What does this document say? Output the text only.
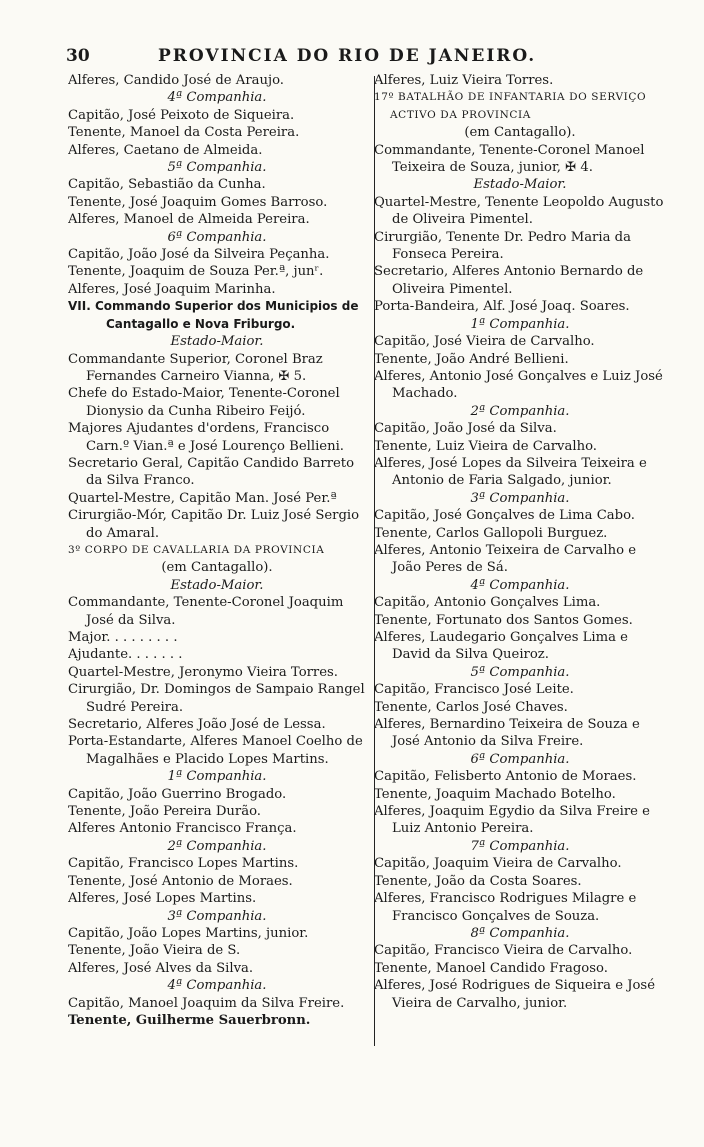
30	PROVINCIA DO RIO DE JANEIRO.
Alferes, Candido José de Araujo.
4ª Companhia.
Capitão, José Peixoto de Siqueira.
Tenente, Manoel da Costa Pereira.
Alferes, Caetano de Almeida.
5ª Companhia.
Capitão, Sebastião da Cunha.
Tenente, José Joaquim Gomes Barroso.
Alferes, Manoel de Almeida Pereira.
6ª Companhia.
Capitão, João José da Silveira Peçanha.
Tenente, Joaquim de Souza Per.ª, junʳ.
Alferes, José Joaquim Marinha.
VII. Commando Superior dos Municipios de Cantagallo e Nova Friburgo.
Estado-Maior.
Commandante Superior, Coronel Braz Fernandes Carneiro Vianna, ✠ 5.
Chefe do Estado-Maior, Tenente-Coronel Dionysio da Cunha Ribeiro Feijó.
Majores Ajudantes d'ordens, Francisco Carn.º Vian.ª e José Lourenço Bellieni.
Secretario Geral, Capitão Candido Barreto da Silva Franco.
Quartel-Mestre, Capitão Man. José Per.ª
Cirurgião-Mór, Capitão Dr. Luiz José Sergio do Amaral.
3º CORPO DE CAVALLARIA DA PROVINCIA
(em Cantagallo).
Estado-Maior.
Commandante, Tenente-Coronel Joaquim José da Silva.
Major. . . . . . . . .
Ajudante. . . . . . .
Quartel-Mestre, Jeronymo Vieira Torres.
Cirurgião, Dr. Domingos de Sampaio Rangel Sudré Pereira.
Secretario, Alferes João José de Lessa.
Porta-Estandarte, Alferes Manoel Coelho de Magalhães e Placido Lopes Martins.
1ª Companhia.
Capitão, João Guerrino Brogado.
Tenente, João Pereira Durão.
Alferes Antonio Francisco França.
2ª Companhia.
Capitão, Francisco Lopes Martins.
Tenente, José Antonio de Moraes.
Alferes, José Lopes Martins.
3ª Companhia.
Capitão, João Lopes Martins, junior.
Tenente, João Vieira de S.
Alferes, José Alves da Silva.
4ª Companhia.
Capitão, Manoel Joaquim da Silva Freire.
Tenente, Guilherme Sauerbronn.
Alferes, Luiz Vieira Torres.
17º BATALHÃO DE INFANTARIA DO SERVIÇO ACTIVO DA PROVINCIA
(em Cantagallo).
Commandante, Tenente-Coronel Manoel Teixeira de Souza, junior, ✠ 4.
Estado-Maior.
Quartel-Mestre, Tenente Leopoldo Augusto de Oliveira Pimentel.
Cirurgião, Tenente Dr. Pedro Maria da Fonseca Pereira.
Secretario, Alferes Antonio Bernardo de Oliveira Pimentel.
Porta-Bandeira, Alf. José Joaq. Soares.
1ª Companhia.
Capitão, José Vieira de Carvalho.
Tenente, João André Bellieni.
Alferes, Antonio José Gonçalves e Luiz José Machado.
2ª Companhia.
Capitão, João José da Silva.
Tenente, Luiz Vieira de Carvalho.
Alferes, José Lopes da Silveira Teixeira e Antonio de Faria Salgado, junior.
3ª Companhia.
Capitão, José Gonçalves de Lima Cabo.
Tenente, Carlos Gallopoli Burguez.
Alferes, Antonio Teixeira de Carvalho e João Peres de Sá.
4ª Companhia.
Capitão, Antonio Gonçalves Lima.
Tenente, Fortunato dos Santos Gomes.
Alferes, Laudegario Gonçalves Lima e David da Silva Queiroz.
5ª Companhia.
Capitão, Francisco José Leite.
Tenente, Carlos José Chaves.
Alferes, Bernardino Teixeira de Souza e José Antonio da Silva Freire.
6ª Companhia.
Capitão, Felisberto Antonio de Moraes.
Tenente, Joaquim Machado Botelho.
Alferes, Joaquim Egydio da Silva Freire e Luiz Antonio Pereira.
7ª Companhia.
Capitão, Joaquim Vieira de Carvalho.
Tenente, João da Costa Soares.
Alferes, Francisco Rodrigues Milagre e Francisco Gonçalves de Souza.
8ª Companhia.
Capitão, Francisco Vieira de Carvalho.
Tenente, Manoel Candido Fragoso.
Alferes, José Rodrigues de Siqueira e José Vieira de Carvalho, junior.
